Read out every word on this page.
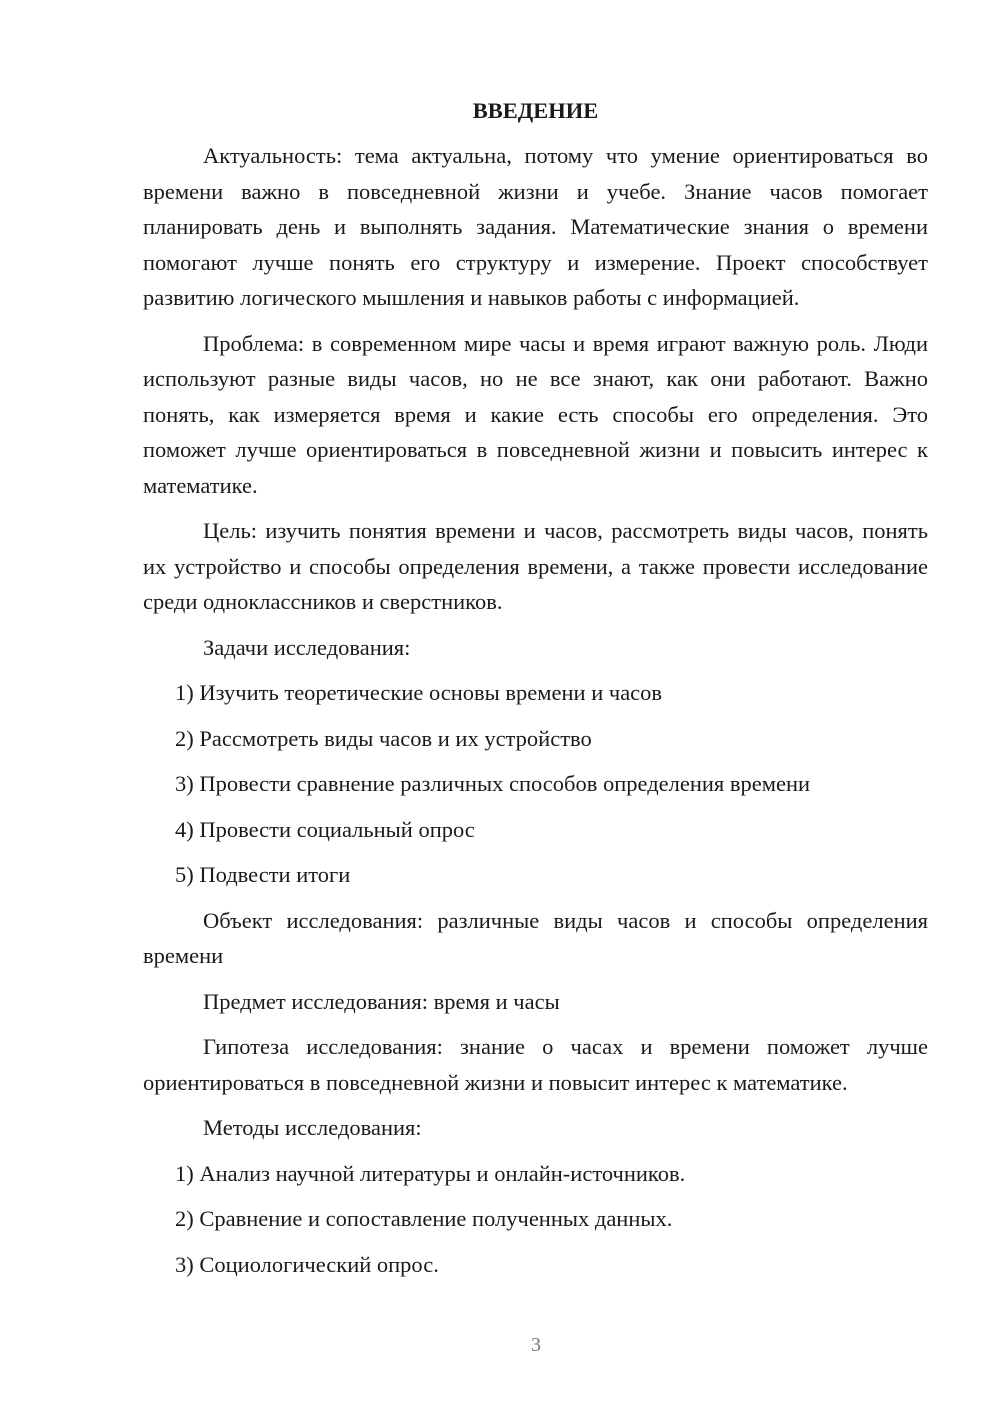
ВВЕДЕНИЕ

Актуальность: тема актуальна, потому что умение ориентироваться во времени важно в повседневной жизни и учебе. Знание часов помогает планировать день и выполнять задания. Математические знания о времени помогают лучше понять его структуру и измерение. Проект способствует развитию логического мышления и навыков работы с информацией.

Проблема: в современном мире часы и время играют важную роль. Люди используют разные виды часов, но не все знают, как они работают. Важно понять, как измеряется время и какие есть способы его определения. Это поможет лучше ориентироваться в повседневной жизни и повысить интерес к математике.

Цель: изучить понятия времени и часов, рассмотреть виды часов, понять их устройство и способы определения времени, а также провести исследование среди одноклассников и сверстников.

Задачи исследования:

1) Изучить теоретические основы времени и часов

2) Рассмотреть виды часов и их устройство

3) Провести сравнение различных способов определения времени

4) Провести социальный опрос

5) Подвести итоги

Объект исследования: различные виды часов и способы определения времени

Предмет исследования: время и часы

Гипотеза исследования: знание о часах и времени поможет лучше ориентироваться в повседневной жизни и повысит интерес к математике.

Методы исследования:

1) Анализ научной литературы и онлайн-источников.

2) Сравнение и сопоставление полученных данных.

3) Социологический опрос.

3
